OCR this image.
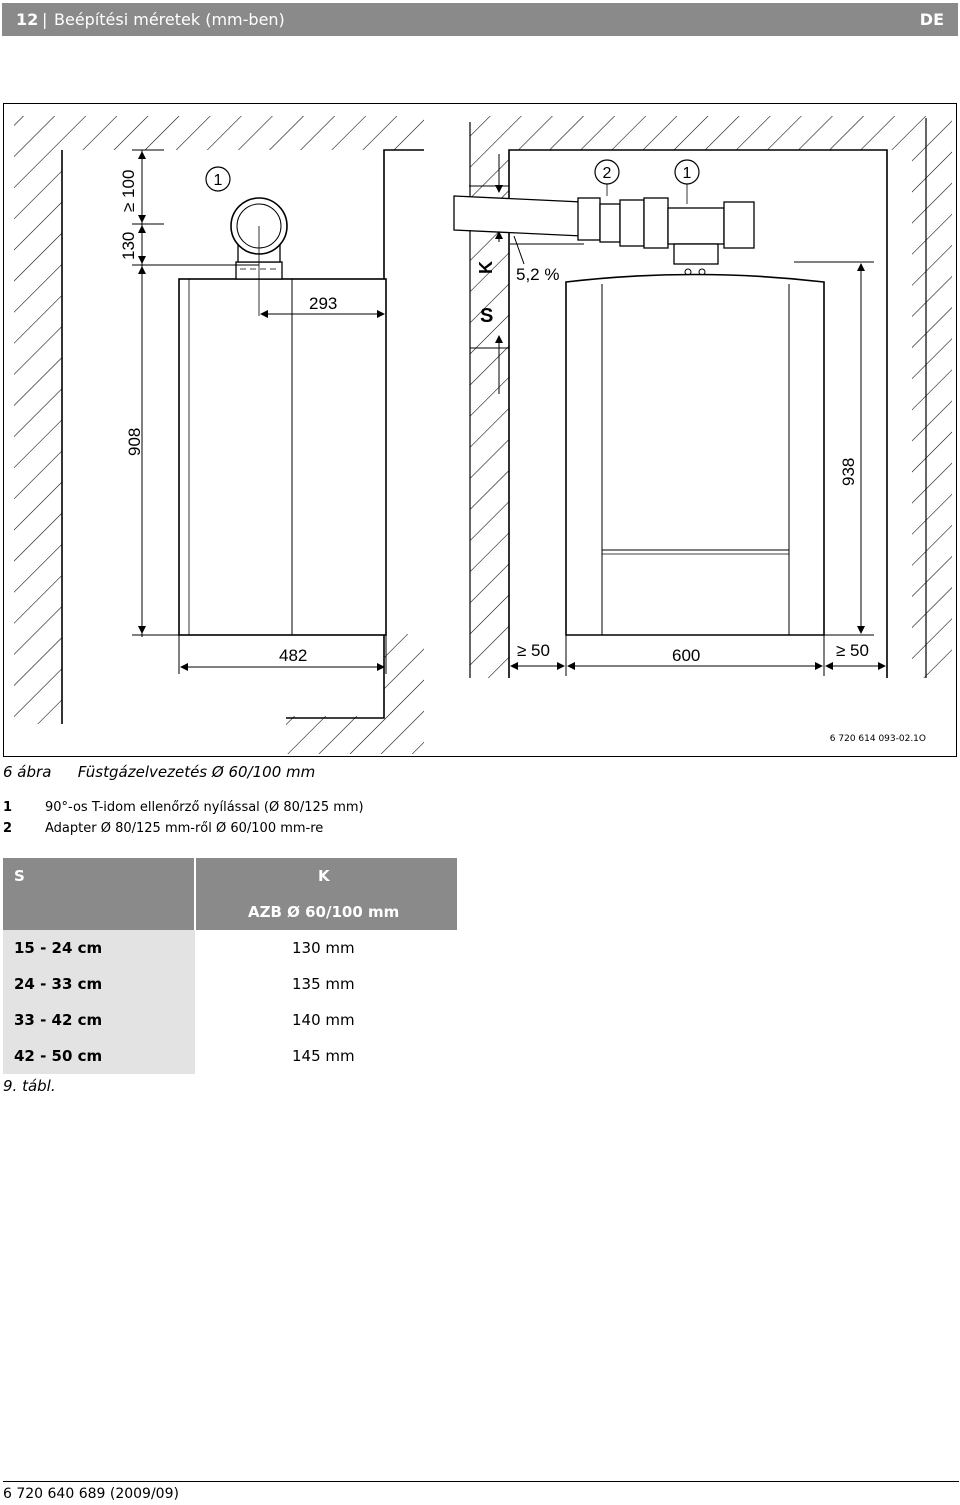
12 | Beépítési méretek (mm-ben)	DE
130
≥ 100
908
293
482
1
K
S
5,2 %
938
≥ 50	600	≥ 50
2	1
6 720 614 093-02.1O
6 ábra Füstgázelvezetés Ø 60/100 mm
1	90°-os T-idom ellenőrző nyílással (Ø 80/125 mm)
2	Adapter Ø 80/125 mm-ről Ø 60/100 mm-re
S	K
	AZB Ø 60/100 mm
15 - 24 cm	130 mm
24 - 33 cm	135 mm
33 - 42 cm	140 mm
42 - 50 cm	145 mm
9. tábl.
6 720 640 689 (2009/09)
